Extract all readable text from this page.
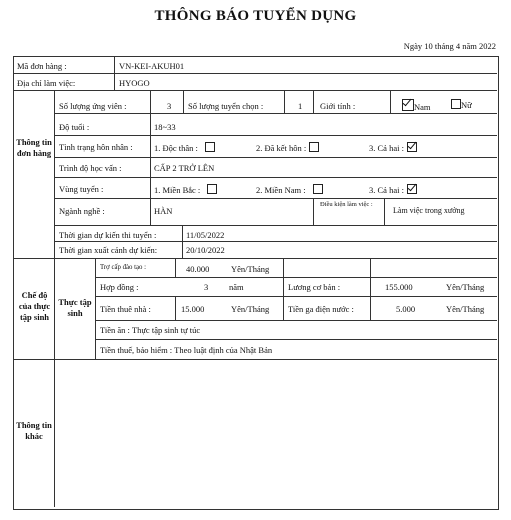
THÔNG BÁO TUYỂN DỤNG
Ngày 10 tháng 4 năm 2022
Mã đơn hàng :	VN-KEI-AKUH01
Địa chỉ làm việc:	HYOGO
Thông tin đơn hàng
Số lượng ứng viên :	3 Số lượng tuyển chọn :	1 Giới tính :	Nam	Nữ
Độ tuổi :	18~33
Tình trạng hôn nhân :	1. Độc thân :	2. Đã kết hôn :	3. Cả hai :
Trình độ học vấn :	CẤP 2 TRỞ LÊN
Vùng tuyển :	1. Miền Bắc :	2. Miền Nam :	3. Cả hai :
Ngành nghề :	HÀN
Điều kiện làm việc :
Làm việc trong xưởng
Thời gian dự kiến thi tuyển :	11/05/2022
Thời gian xuất cảnh dự kiến:	20/10/2022
Chế độ của thực tập sinh
Thực tập sinh
Trợ cấp đào tạo :	40.000	Yên/Tháng
Hợp đồng :	3 năm	Lương cơ bản :	155.000	Yên/Tháng
Tiền thuê nhà :	15.000	Yên/Tháng Tiền ga điện nước :	5.000	Yên/Tháng
Tiền ăn : Thực tập sinh tự túc
Tiền thuế, bảo hiểm : Theo luật định của Nhật Bản
Thông tin khác
